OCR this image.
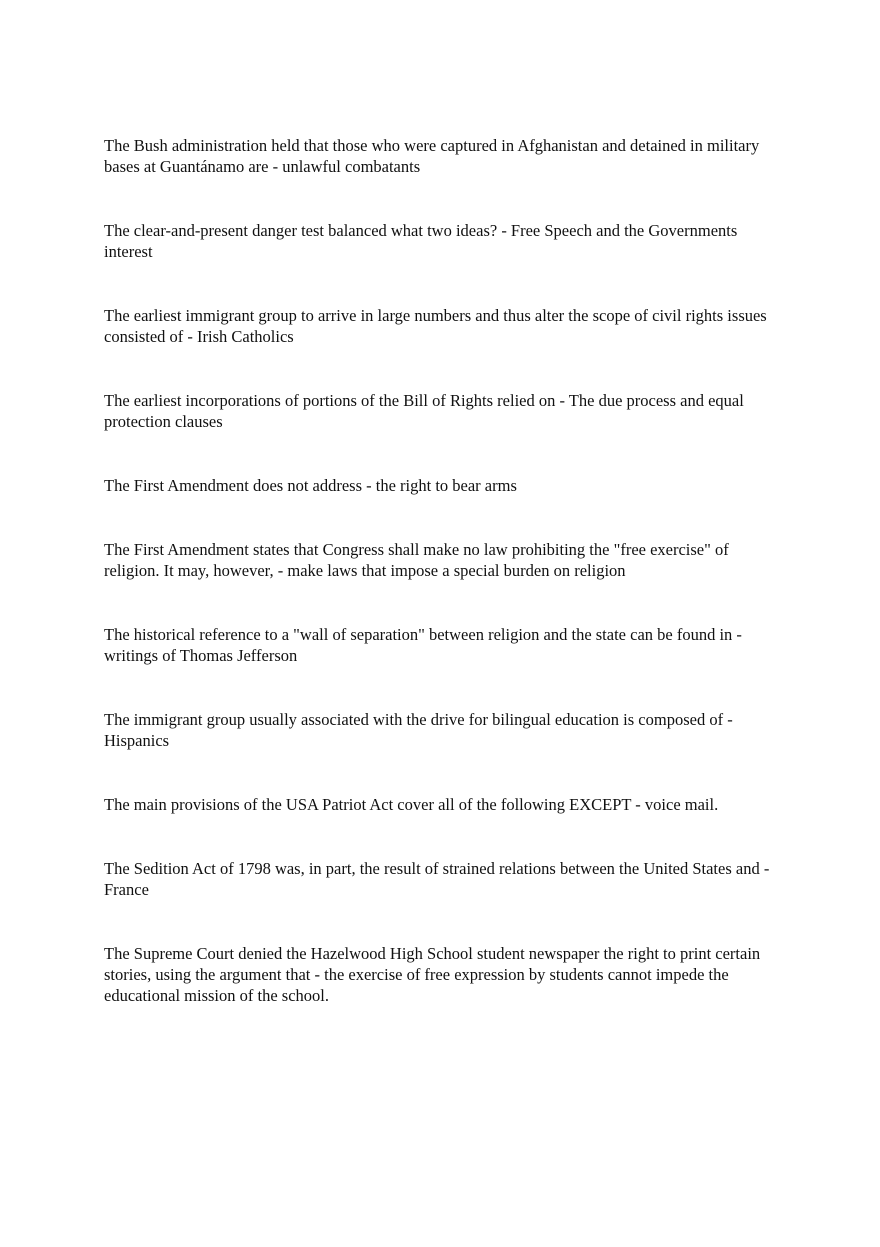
The Bush administration held that those who were captured in Afghanistan and detained in military bases at Guantánamo are - unlawful combatants
The clear-and-present danger test balanced what two ideas? - Free Speech and the Governments interest
The earliest immigrant group to arrive in large numbers and thus alter the scope of civil rights issues consisted of - Irish Catholics
The earliest incorporations of portions of the Bill of Rights relied on - The due process and equal protection clauses
The First Amendment does not address - the right to bear arms
The First Amendment states that Congress shall make no law prohibiting the "free exercise" of religion. It may, however, - make laws that impose a special burden on religion
The historical reference to a "wall of separation" between religion and the state can be found in - writings of Thomas Jefferson
The immigrant group usually associated with the drive for bilingual education is composed of - Hispanics
The main provisions of the USA Patriot Act cover all of the following EXCEPT - voice mail.
The Sedition Act of 1798 was, in part, the result of strained relations between the United States and - France
The Supreme Court denied the Hazelwood High School student newspaper the right to print certain stories, using the argument that - the exercise of free expression by students cannot impede the educational mission of the school.
